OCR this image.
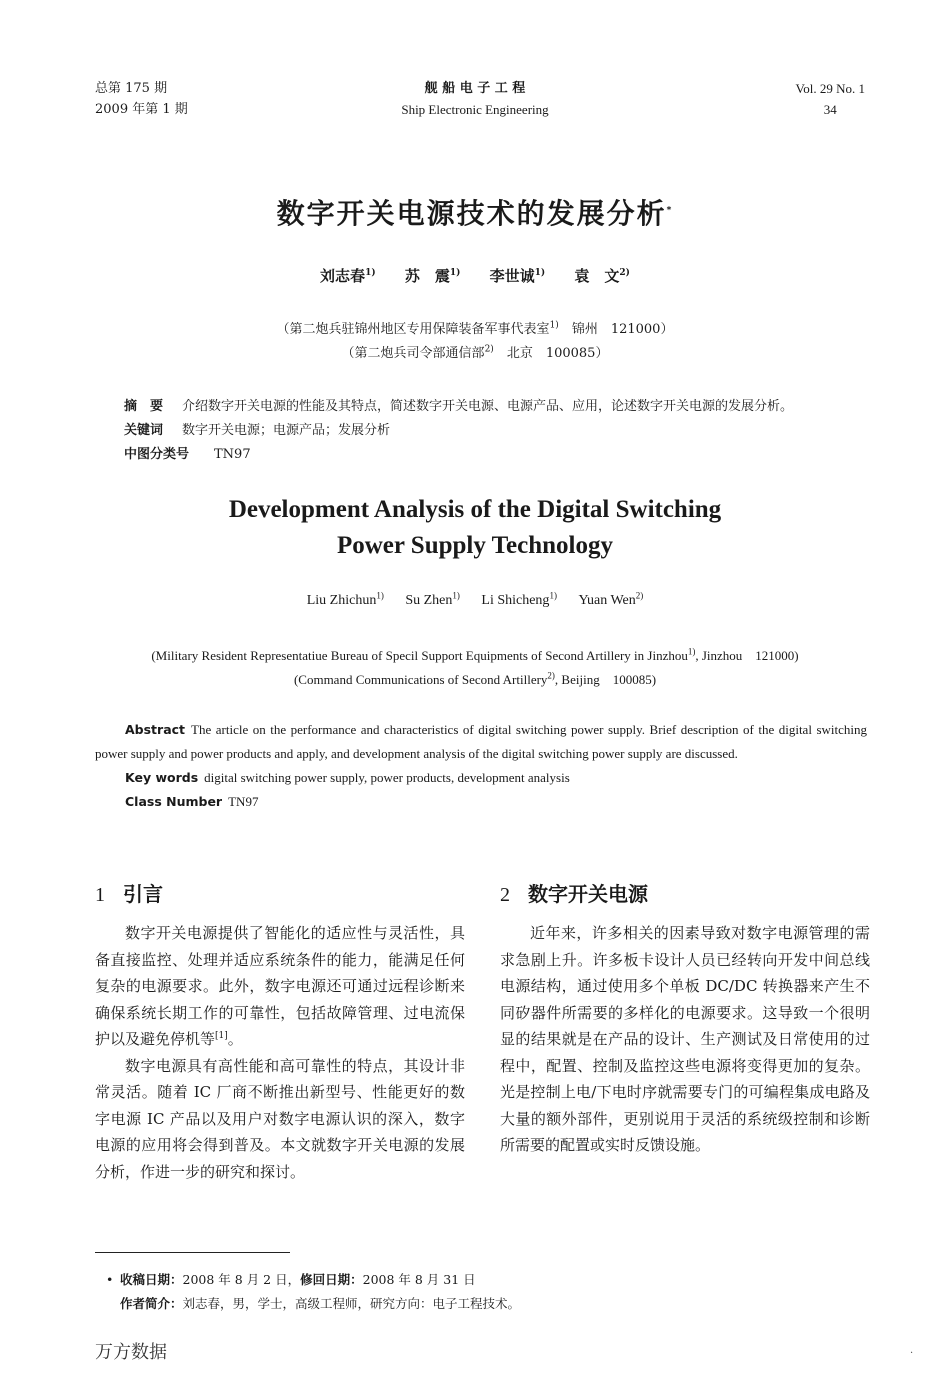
总第 175 期
2009 年第 1 期
舰 船 电 子 工 程
Ship Electronic Engineering
Vol. 29 No. 1
34
数字开关电源技术的发展分析*
刘志春$^{1)}$ 苏　震$^{1)}$ 李世诚$^{1)}$ 袁　文$^{2)}$
（第二炮兵驻锦州地区专用保障装备军事代表室$^{1)}$　锦州　121000）
（第二炮兵司令部通信部$^{2)}$　北京　100085）
摘　要 介绍数字开关电源的性能及其特点，简述数字开关电源、电源产品、应用，论述数字开关电源的发展分析。
关键词 数字开关电源；电源产品；发展分析
中图分类号 TN97
Development Analysis of the Digital Switching
Power Supply Technology
Liu Zhichun$^{1)}$ Su Zhen$^{1)}$ Li Shicheng$^{1)}$ Yuan Wen$^{2)}$
(Military Resident Representatiue Bureau of Specil Support Equipments of Second Artillery in Jinzhou$^{1)}$, Jinzhou　121000)
(Command Communications of Second Artillery$^{2)}$, Beijing　100085)
Abstract The article on the performance and characteristics of digital switching power supply. Brief description of the digital switching power supply and power products and apply, and development analysis of the digital switching power supply are discussed.
Key words digital switching power supply, power products, development analysis
Class Number TN97
1 引言	2 数字开关电源

数字开关电源提供了智能化的适应性与灵活性，具备直接监控、处理并适应系统条件的能力，能满足任何复杂的电源要求。此外，数字电源还可通过远程诊断来确保系统长期工作的可靠性，包括故障管理、过电流保护以及避免停机等[1]。

数字电源具有高性能和高可靠性的特点，其设计非常灵活。随着 IC 厂商不断推出新型号、性能更好的数字电源 IC 产品以及用户对数字电源认识的深入，数字电源的应用将会得到普及。本文就数字开关电源的发展分析，作进一步的研究和探讨。

近年来，许多相关的因素导致对数字电源管理的需求急剧上升。许多板卡设计人员已经转向开发中间总线电源结构，通过使用多个单板 DC/DC 转换器来产生不同矽器件所需要的多样化的电源要求。这导致一个很明显的结果就是在产品的设计、生产测试及日常使用的过程中，配置、控制及监控这些电源将变得更加的复杂。光是控制上电/下电时序就需要专门的可编程集成电路及大量的额外部件，更别说用于灵活的系统级控制和诊断所需要的配置或实时反馈设施。

• 收稿日期：2008 年 8 月 2 日，修回日期：2008 年 8 月 31 日
作者简介：刘志春，男，学士，高级工程师，研究方向：电子工程技术。
万方数据	·
